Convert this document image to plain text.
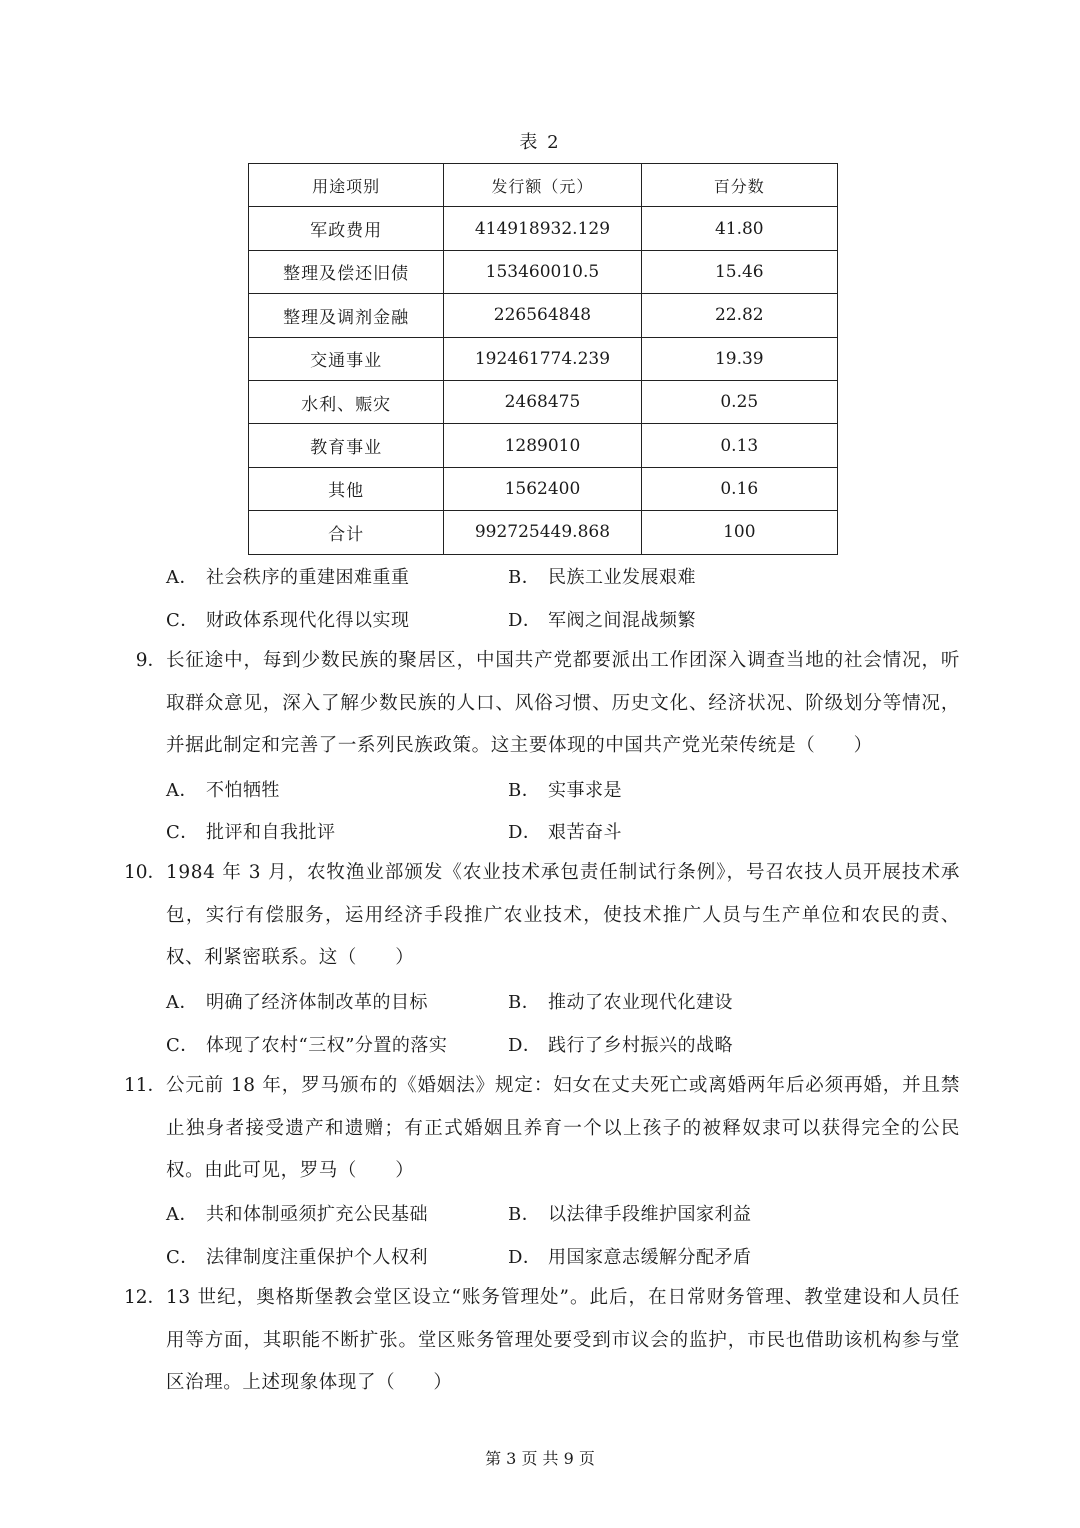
表 2
用途项别	发行额（元）	百分数
军政费用	414918932.129	41.80
整理及偿还旧债	153460010.5	15.46
整理及调剂金融	226564848	22.82
交通事业	192461774.239	19.39
水利、赈灾	2468475	0.25
教育事业	1289010	0.13
其他	1562400	0.16
合计	992725449.868	100
A． 社会秩序的重建困难重重	B． 民族工业发展艰难
C． 财政体系现代化得以实现	D． 军阀之间混战频繁
9． 长征途中，每到少数民族的聚居区，中国共产党都要派出工作团深入调查当地的社会情况，听取群众意见，深入了解少数民族的人口、风俗习惯、历史文化、经济状况、阶级划分等情况，并据此制定和完善了一系列民族政策。这主要体现的中国共产党光荣传统是（　　）
A． 不怕牺牲	B． 实事求是
C． 批评和自我批评	D． 艰苦奋斗
10． 1984 年 3 月，农牧渔业部颁发《农业技术承包责任制试行条例》，号召农技人员开展技术承包，实行有偿服务，运用经济手段推广农业技术，使技术推广人员与生产单位和农民的责、权、利紧密联系。这（　　）
A． 明确了经济体制改革的目标	B． 推动了农业现代化建设
C． 体现了农村“三权”分置的落实	D． 践行了乡村振兴的战略
11． 公元前 18 年，罗马颁布的《婚姻法》规定：妇女在丈夫死亡或离婚两年后必须再婚，并且禁止独身者接受遗产和遗赠；有正式婚姻且养育一个以上孩子的被释奴隶可以获得完全的公民权。由此可见，罗马（　　）
A． 共和体制亟须扩充公民基础	B． 以法律手段维护国家利益
C． 法律制度注重保护个人权利	D． 用国家意志缓解分配矛盾
12． 13 世纪，奥格斯堡教会堂区设立“账务管理处”。此后，在日常财务管理、教堂建设和人员任用等方面，其职能不断扩张。堂区账务管理处要受到市议会的监护，市民也借助该机构参与堂区治理。上述现象体现了（　　）
第 3 页 共 9 页
